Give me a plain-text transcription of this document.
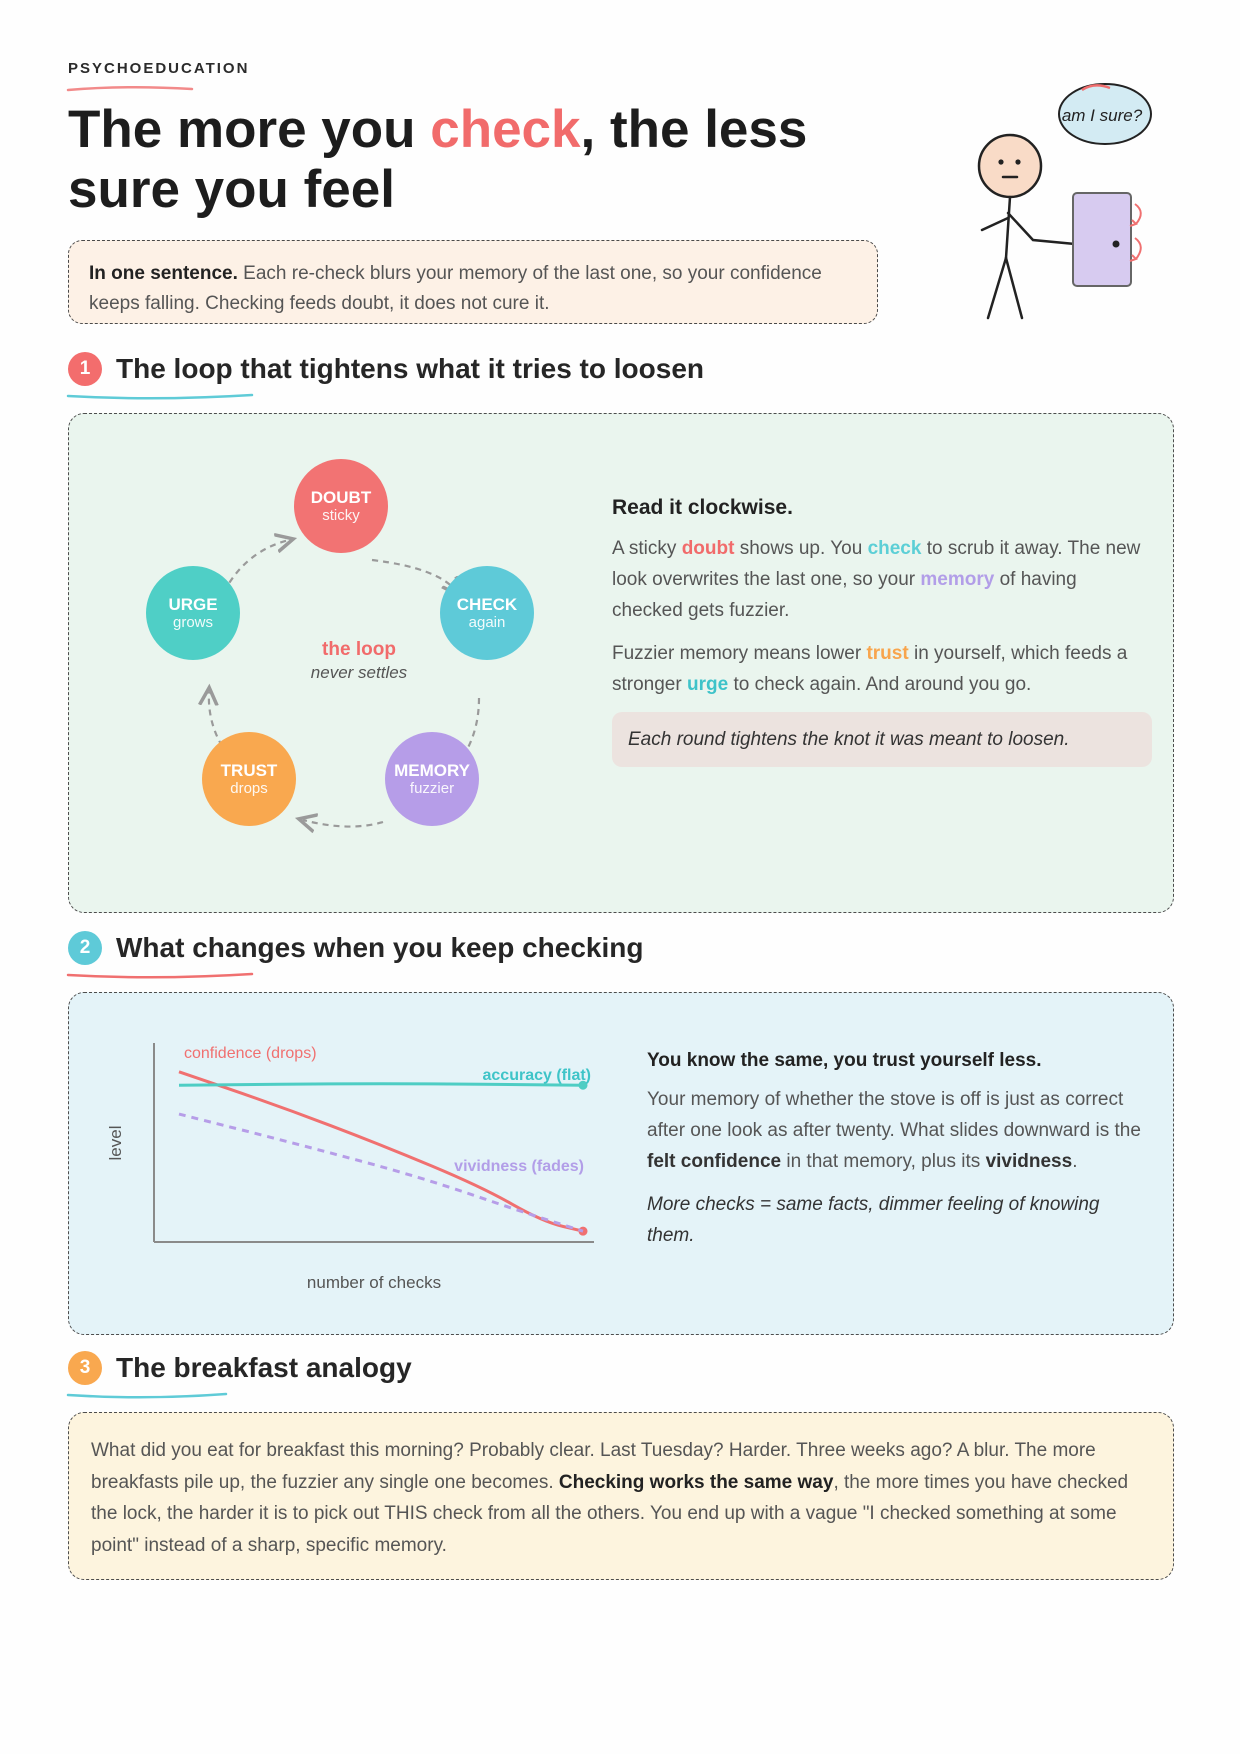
PSYCHOEDUCATION
The more you check, the less sure you feel
am I sure?
In one sentence. Each re-check blurs your memory of the last one, so your confidence keeps falling. Checking feeds doubt, it does not cure it.
1 The loop that tightens what it tries to loosen
DOUBT
sticky
CHECK
again
MEMORY
fuzzier
TRUST
drops
URGE
grows
the loop
never settles
Read it clockwise.

A sticky doubt shows up. You check to scrub it away. The new look overwrites the last one, so your memory of having checked gets fuzzier.

Fuzzier memory means lower trust in yourself, which feeds a stronger urge to check again. And around you go.

Each round tightens the knot it was meant to loosen.
2 What changes when you keep checking
level
number of checks
confidence (drops)
accuracy (flat)
vividness (fades)
You know the same, you trust yourself less.

Your memory of whether the stove is off is just as correct after one look as after twenty. What slides downward is the felt confidence in that memory, plus its vividness.

More checks = same facts, dimmer feeling of knowing them.

3 The breakfast analogy
What did you eat for breakfast this morning? Probably clear. Last Tuesday? Harder. Three weeks ago? A blur. The more breakfasts pile up, the fuzzier any single one becomes. Checking works the same way, the more times you have checked the lock, the harder it is to pick out THIS check from all the others. You end up with a vague "I checked something at some point" instead of a sharp, specific memory.
